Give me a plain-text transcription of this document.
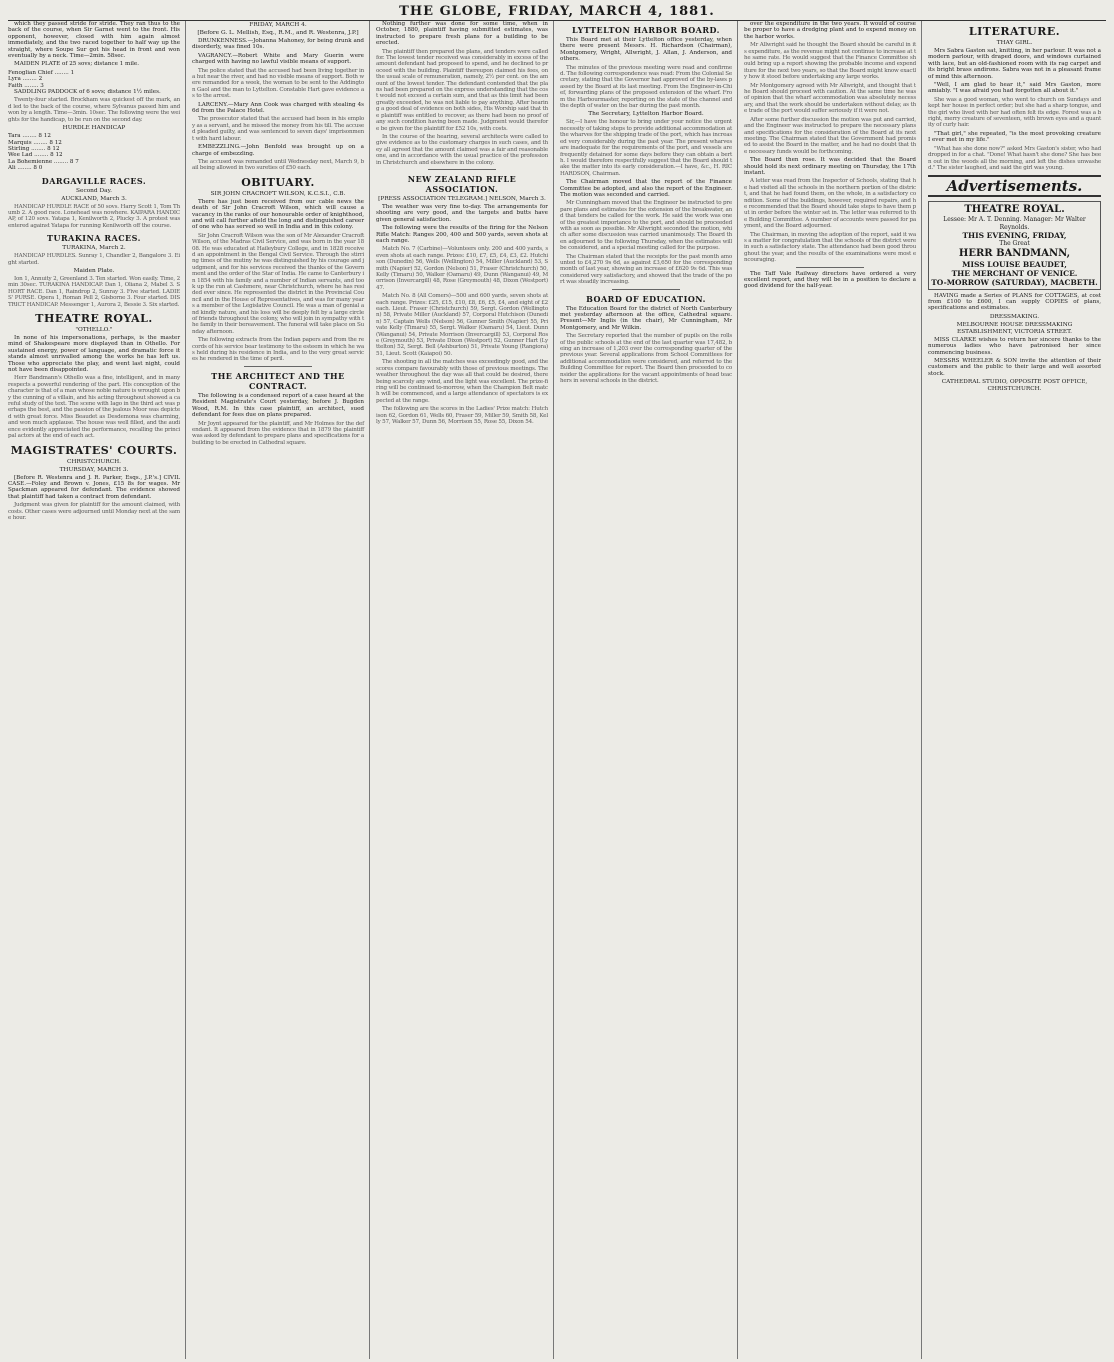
THE GLOBE, FRIDAY, MARCH 4, 1881.

which they passed stride for stride. They ran thus to the back of the course, when Sir Garnet went to the front. His opponent, however, closed with him again almost immediately, and the two raced together to half way up the straight, where Soupe Sur got his head in front and won eventually by a neck. Time—2min. 58sec.

MAIDEN PLATE of 25 sovs; distance 1 mile.

Fenoglian Chief ........ 1
Lyra ........ 2
Faith ........ 3

SADDLING PADDOCK of 6 sovs; distance 1½ miles.

Twenty-four started. Brockham was quickest off the mark, and led to the back of the course, where Sylvanus passed him and won by a length. Time—3min. 10sec. The following were the weights for the handicap, to be run on the second day.

HURDLE HANDICAP
Tara ........ 8 12
Marquis ........ 8 12
Stirling ........ 8 12
Wee Lad ........ 8 12
La Bohemienne ........ 8 7
Ali ........ 8 0
DARGAVILLE RACES.
Second Day.
AUCKLAND, March 3.

HANDICAP HURDLE RACE of 50 sovs. Harry Scott 1, Tom Thumb 2. A good race. Lonehead was nowhere. KAIPARA HANDICAP, of 120 sovs. Yatapa 1, Kenilworth 2, Plucky 3. A protest was entered against Yatapa for running Kenilworth off the course.

TURAKINA RACES.
TURAKINA, March 2.

HANDICAP HURDLES. Sunray 1, Chandler 2, Bangalore 3. Eight started.

Maiden Plate.

Ion 1, Annuity 2, Greenland 3. Ten started. Won easily. Time, 2min 30sec. TURAKINA HANDICAP. Dan 1, Oliana 2, Mabel 3. SHORT RACE. Dan 1, Raindrop 2, Sunray 3. Five started. LADIES' PURSE. Opera 1, Roman Pell 2, Gisborne 3. Four started. DISTRICT HANDICAP. Messenger 1, Aurora 2, Bessie 3. Six started.

THEATRE ROYAL.
"OTHELLO."

In none of his impersonations, perhaps, is the master mind of Shakespeare more displayed than in Othello. For sustained energy, power of language, and dramatic force it stands almost unrivalled among the works he has left us. Those who appreciate the play, and went last night, could not have been disappointed.

Herr Bandmann's Othello was a fine, intelligent, and in many respects a powerful rendering of the part. His conception of the character is that of a man whose noble nature is wrought upon by the cunning of a villain, and his acting throughout showed a careful study of the text. The scene with Iago in the third act was perhaps the best, and the passion of the jealous Moor was depicted with great force. Miss Beaudet as Desdemona was charming, and won much applause. The house was well filled, and the audience evidently appreciated the performance, recalling the principal actors at the end of each act.

MAGISTRATES' COURTS.
CHRISTCHURCH.
THURSDAY, MARCH 3.

[Before R. Westenra and J. R. Parker, Esqs., J.P.'s.] CIVIL CASE.—Foley and Brown v. Jones, £15 8s for wages. Mr Spackman appeared for defendant. The evidence showed that plaintiff had taken a contract from defendant.

Judgment was given for plaintiff for the amount claimed, with costs. Other cases were adjourned until Monday next at the same hour.

FRIDAY, MARCH 4.
[Before G. L. Mellish, Esq., R.M., and R. Westenra, J.P.]

DRUNKENNESS.—Johanna Mahoney, for being drunk and disorderly, was fined 10s.

VAGRANCY.—Robert White and Mary Guerin were charged with having no lawful visible means of support.

The police stated that the accused had been living together in a hut near the river, and had no visible means of support. Both were remanded for a week, the woman to be sent to the Addington Gaol and the man to Lyttelton. Constable Hart gave evidence as to the arrest.

LARCENY.—Mary Ann Cook was charged with stealing 4s 6d from the Palace Hotel.

The prosecutor stated that the accused had been in his employ as a servant, and he missed the money from his till. The accused pleaded guilty, and was sentenced to seven days' imprisonment with hard labour.

EMBEZZLING.—John Benfold was brought up on a charge of embezzling.

The accused was remanded until Wednesday next, March 9, bail being allowed in two sureties of £50 each.

OBITUARY.
SIR JOHN CRACROFT WILSON, K.C.S.I., C.B.

There has just been received from our cable news the death of Sir John Cracroft Wilson, which will cause a vacancy in the ranks of our honourable order of knighthood, and will call further afield the long and distinguished career of one who has served so well in India and in this colony.

Sir John Cracroft Wilson was the son of Mr Alexander Cracroft Wilson, of the Madras Civil Service, and was born in the year 1808. He was educated at Haileybury College, and in 1828 received an appointment in the Bengal Civil Service. Through the stirring times of the mutiny he was distinguished by his courage and judgment, and for his services received the thanks of the Government and the order of the Star of India. He came to Canterbury in 1854 with his family and a number of Indian servants, and took up the run at Cashmere, near Christchurch, where he has resided ever since. He represented the district in the Provincial Council and in the House of Representatives, and was for many years a member of the Legislative Council. He was a man of genial and kindly nature, and his loss will be deeply felt by a large circle of friends throughout the colony, who will join in sympathy with the family in their bereavement. The funeral will take place on Sunday afternoon.

The following extracts from the Indian papers and from the records of his service bear testimony to the esteem in which he was held during his residence in India, and to the very great services he rendered in the time of peril.

THE ARCHITECT AND THE CONTRACT.

The following is a condensed report of a case heard at the Resident Magistrate's Court yesterday, before J. Bugden Wood, R.M. In this case plaintiff, an architect, sued defendant for fees due on plans prepared.

Mr Joynt appeared for the plaintiff, and Mr Holmes for the defendant. It appeared from the evidence that in 1879 the plaintiff was asked by defendant to prepare plans and specifications for a building to be erected in Cathedral square.

Nothing further was done for some time, when in October, 1880, plaintiff having submitted estimates, was instructed to prepare fresh plans for a building to be erected.

The plaintiff then prepared the plans, and tenders were called for. The lowest tender received was considerably in excess of the amount defendant had proposed to spend, and he declined to proceed with the building. Plaintiff thereupon claimed his fees, on the usual scale of remuneration, namely, 2½ per cent. on the amount of the lowest tender. The defendant contended that the plans had been prepared on the express understanding that the cost would not exceed a certain sum, and that as this limit had been greatly exceeded, he was not liable to pay anything. After hearing a good deal of evidence on both sides, His Worship said that the plaintiff was entitled to recover, as there had been no proof of any such condition having been made. Judgment would therefore be given for the plaintiff for £52 10s, with costs.

In the course of the hearing, several architects were called to give evidence as to the customary charges in such cases, and they all agreed that the amount claimed was a fair and reasonable one, and in accordance with the usual practice of the profession in Christchurch and elsewhere in the colony.

NEW ZEALAND RIFLE ASSOCIATION.
[PRESS ASSOCIATION TELEGRAM.] NELSON, March 3.

The weather was very fine to-day. The arrangements for shooting are very good, and the targets and butts have given general satisfaction.

The following were the results of the firing for the Nelson Rifle Match: Ranges 200, 400 and 500 yards, seven shots at each range.

Match No. 7 (Carbine)—Volunteers only. 200 and 400 yards, seven shots at each range. Prizes: £10, £7, £5, £4, £3, £2. Hutchison (Dunedin) 56, Wells (Wellington) 54, Miller (Auckland) 53, Smith (Napier) 52, Gordon (Nelson) 51, Fraser (Christchurch) 50, Kelly (Timaru) 50, Walker (Oamaru) 49, Dunn (Wanganui) 49, Morrison (Invercargill) 48, Rose (Greymouth) 48, Dixon (Westport) 47.

Match No. 8 (All Comers)—500 and 600 yards, seven shots at each range. Prizes: £25, £15, £10, £8, £6, £5, £4, and eight of £2 each. Lieut. Fraser (Christchurch) 59, Sergt. Gordon (Wellington) 58, Private Miller (Auckland) 57, Corporal Hutchison (Dunedin) 57, Captain Wells (Nelson) 56, Gunner Smith (Napier) 55, Private Kelly (Timaru) 55, Sergt. Walker (Oamaru) 54, Lieut. Dunn (Wanganui) 54, Private Morrison (Invercargill) 53, Corporal Rose (Greymouth) 53, Private Dixon (Westport) 52, Gunner Hart (Lyttelton) 52, Sergt. Bell (Ashburton) 51, Private Young (Rangiora) 51, Lieut. Scott (Kaiapoi) 50.

The shooting in all the matches was exceedingly good, and the scores compare favourably with those of previous meetings. The weather throughout the day was all that could be desired, there being scarcely any wind, and the light was excellent. The prize-firing will be continued to-morrow, when the Champion Belt match will be commenced, and a large attendance of spectators is expected at the range.

The following are the scores in the Ladies' Prize match: Hutchison 62, Gordon 61, Wells 60, Fraser 59, Miller 59, Smith 58, Kelly 57, Walker 57, Dunn 56, Morrison 55, Rose 55, Dixon 54.

LYTTELTON HARBOR BOARD.

This Board met at their Lyttelton office yesterday, when there were present Messrs. H. Richardson (Chairman), Montgomery, Wright, Allwright, J. Allan, J. Anderson, and others.

The minutes of the previous meeting were read and confirmed. The following correspondence was read: From the Colonial Secretary, stating that the Governor had approved of the by-laws passed by the Board at its last meeting. From the Engineer-in-Chief, forwarding plans of the proposed extension of the wharf. From the Harbourmaster, reporting on the state of the channel and the depth of water on the bar during the past month.

The Secretary, Lyttelton Harbor Board.

Sir,—I have the honour to bring under your notice the urgent necessity of taking steps to provide additional accommodation at the wharves for the shipping trade of the port, which has increased very considerably during the past year. The present wharves are inadequate for the requirements of the port, and vessels are frequently detained for some days before they can obtain a berth. I would therefore respectfully suggest that the Board should take the matter into its early consideration.—I have, &c., H. RICHARDSON, Chairman.

The Chairman moved that the report of the Finance Committee be adopted, and also the report of the Engineer. The motion was seconded and carried.

Mr Cunningham moved that the Engineer be instructed to prepare plans and estimates for the extension of the breakwater, and that tenders be called for the work. He said the work was one of the greatest importance to the port, and should be proceeded with as soon as possible. Mr Allwright seconded the motion, which after some discussion was carried unanimously. The Board then adjourned to the following Thursday, when the estimates will be considered, and a special meeting called for the purpose.

The Chairman stated that the receipts for the past month amounted to £4,270 9s 6d, as against £3,650 for the corresponding month of last year, showing an increase of £620 9s 6d. This was considered very satisfactory, and showed that the trade of the port was steadily increasing.

BOARD OF EDUCATION.

The Education Board for the district of North Canterbury met yesterday afternoon at the office, Cathedral square. Present—Mr Inglis (in the chair), Mr Cunningham, Mr Montgomery, and Mr Wilkin.

The Secretary reported that the number of pupils on the rolls of the public schools at the end of the last quarter was 17,482, being an increase of 1,203 over the corresponding quarter of the previous year. Several applications from School Committees for additional accommodation were considered, and referred to the Building Committee for report. The Board then proceeded to consider the applications for the vacant appointments of head teachers in several schools in the district.

over the expenditure in the two years. It would of course be proper to have a dredging plant and to expend money on the harbor works.

Mr Allwright said he thought the Board should be careful in its expenditure, as the revenue might not continue to increase at the same rate. He would suggest that the Finance Committee should bring up a report showing the probable income and expenditure for the next two years, so that the Board might know exactly how it stood before undertaking any large works.

Mr Montgomery agreed with Mr Allwright, and thought that the Board should proceed with caution. At the same time he was of opinion that the wharf accommodation was absolutely necessary, and that the work should be undertaken without delay, as the trade of the port would suffer seriously if it were not.

After some further discussion the motion was put and carried, and the Engineer was instructed to prepare the necessary plans and specifications for the consideration of the Board at its next meeting. The Chairman stated that the Government had promised to assist the Board in the matter, and he had no doubt that the necessary funds would be forthcoming.

The Board then rose. It was decided that the Board should hold its next ordinary meeting on Thursday, the 17th instant.

A letter was read from the Inspector of Schools, stating that he had visited all the schools in the northern portion of the district, and that he had found them, on the whole, in a satisfactory condition. Some of the buildings, however, required repairs, and he recommended that the Board should take steps to have them put in order before the winter set in. The letter was referred to the Building Committee. A number of accounts were passed for payment, and the Board adjourned.

The Chairman, in moving the adoption of the report, said it was a matter for congratulation that the schools of the district were in such a satisfactory state. The attendance had been good throughout the year, and the results of the examinations were most encouraging.

The Taff Vale Railway directors have ordered a very excellent report, and they will be in a position to declare a good dividend for the half-year.

LITERATURE.
THAY GIRL.

Mrs Sabra Gaston sat, knitting, in her parlour. It was not a modern parlour, with draped doors, and windows curtained with lace, but an old-fashioned room with its rag carpet and its bright brass andirons. Sabra was not in a pleasant frame of mind this afternoon.

"Well, I am glad to hear it," said Mrs Gaston, more amiably. "I was afraid you had forgotten all about it."

She was a good woman, who went to church on Sundays and kept her house in perfect order; but she had a sharp tongue, and the girl who lived with her had often felt its edge. Forest was a bright, merry creature of seventeen, with brown eyes and a quantity of curly hair.

"That girl," she repeated, "is the most provoking creature I ever met in my life."

"What has she done now?" asked Mrs Gaston's sister, who had dropped in for a chat. "Done! What hasn't she done? She has been out in the woods all the morning, and left the dishes unwashed." The sister laughed, and said the girl was young.

Advertisements.
THEATRE ROYAL.
Lessee: Mr A. T. Denning. Manager: Mr Walter Reynolds.
THIS EVENING, FRIDAY,
The Great
HERR BANDMANN,
MISS LOUISE BEAUDET,
THE MERCHANT OF VENICE.
TO-MORROW (SATURDAY), MACBETH.

HAVING made a Series of PLANS for COTTAGES, at cost from £100 to £600, I can supply COPIES of plans, specifications and estimates.

DRESSMAKING.
MELBOURNE HOUSE DRESSMAKING ESTABLISHMENT, VICTORIA STREET.

MISS CLARKE wishes to return her sincere thanks to the numerous ladies who have patronised her since commencing business.

MESSRS WHEELER & SON invite the attention of their customers and the public to their large and well assorted stock.

CATHEDRAL STUDIO, OPPOSITE POST OFFICE, CHRISTCHURCH.
